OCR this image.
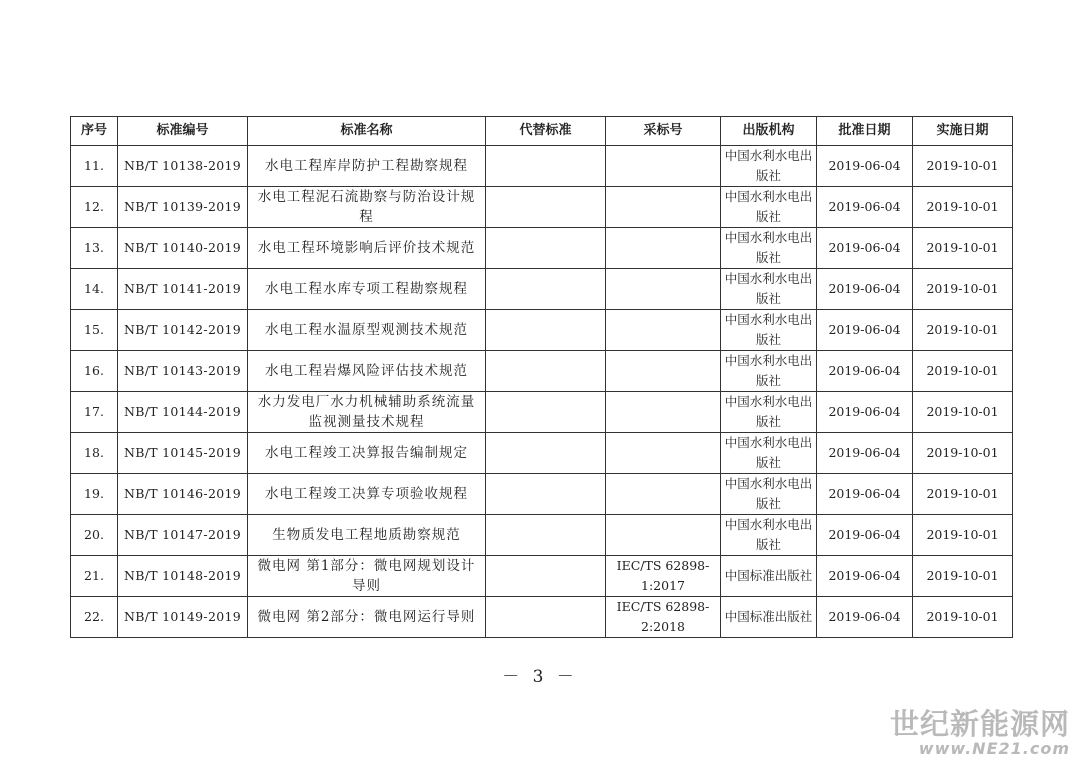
序号	标准编号	标准名称	代替标准	采标号	出版机构	批准日期	实施日期
11.	NB/T 10138-2019	水电工程库岸防护工程勘察规程			中国水利水电出版社	2019-06-04	2019-10-01
12.	NB/T 10139-2019	水电工程泥石流勘察与防治设计规程			中国水利水电出版社	2019-06-04	2019-10-01
13.	NB/T 10140-2019	水电工程环境影响后评价技术规范			中国水利水电出版社	2019-06-04	2019-10-01
14.	NB/T 10141-2019	水电工程水库专项工程勘察规程			中国水利水电出版社	2019-06-04	2019-10-01
15.	NB/T 10142-2019	水电工程水温原型观测技术规范			中国水利水电出版社	2019-06-04	2019-10-01
16.	NB/T 10143-2019	水电工程岩爆风险评估技术规范			中国水利水电出版社	2019-06-04	2019-10-01
17.	NB/T 10144-2019	水力发电厂水力机械辅助系统流量监视测量技术规程			中国水利水电出版社	2019-06-04	2019-10-01
18.	NB/T 10145-2019	水电工程竣工决算报告编制规定			中国水利水电出版社	2019-06-04	2019-10-01
19.	NB/T 10146-2019	水电工程竣工决算专项验收规程			中国水利水电出版社	2019-06-04	2019-10-01
20.	NB/T 10147-2019	生物质发电工程地质勘察规范			中国水利水电出版社	2019-06-04	2019-10-01
21.	NB/T 10148-2019	微电网 第1部分：微电网规划设计导则		IEC/TS 62898-1:2017	中国标准出版社	2019-06-04	2019-10-01
22.	NB/T 10149-2019	微电网 第2部分：微电网运行导则		IEC/TS 62898-2:2018	中国标准出版社	2019-06-04	2019-10-01
－ 3 －
世纪新能源网
www.NE21.com
